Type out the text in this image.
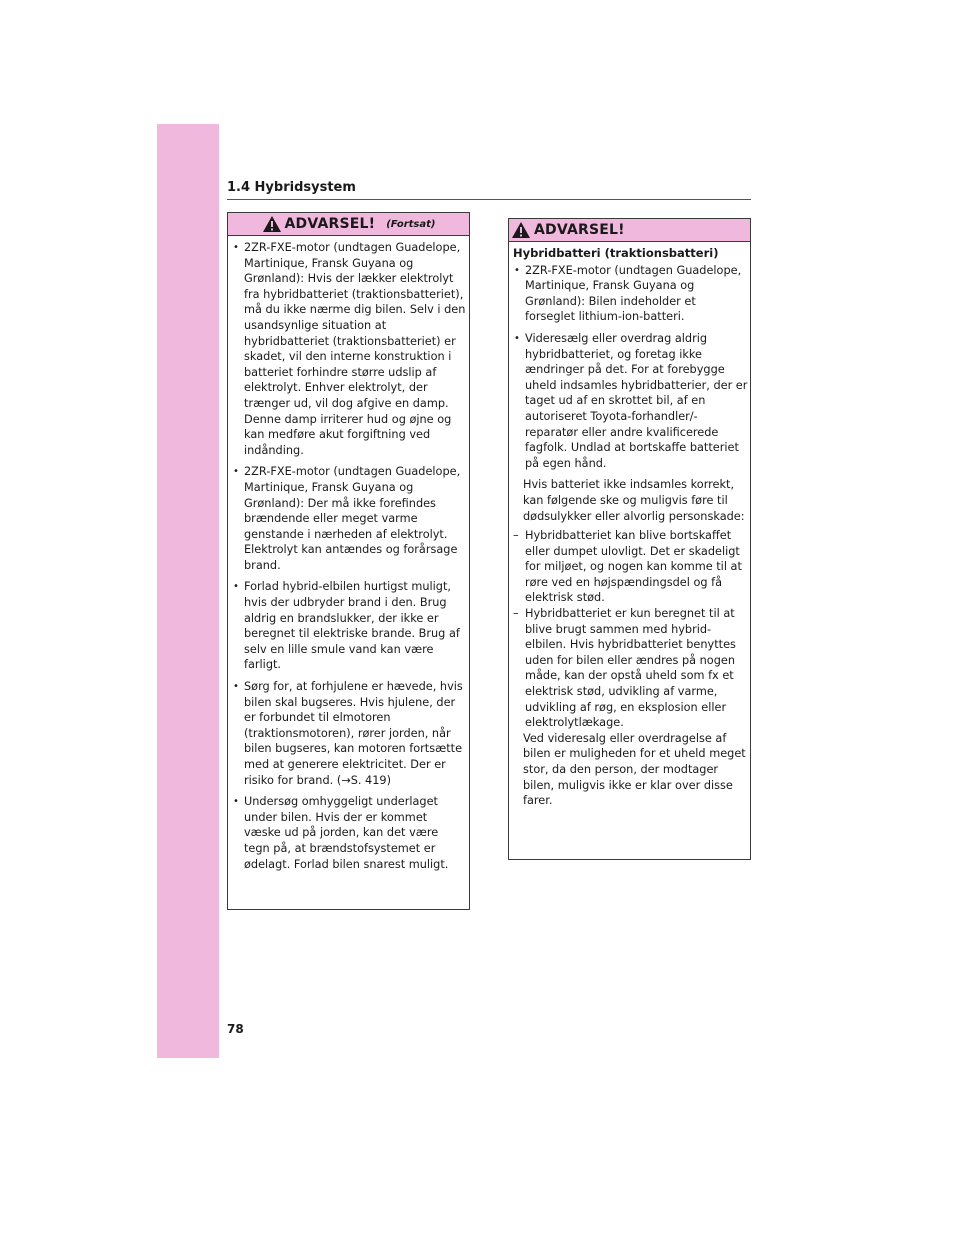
1.4 Hybridsystem
ADVARSEL! (Fortsat)
• 2ZR-FXE-motor (undtagen Guadelope, Martinique, Fransk Guyana og Grønland): Hvis der lækker elektrolyt fra hybridbatteriet (traktionsbatteriet), må du ikke nærme dig bilen. Selv i den usandsynlige situation at hybridbatteriet (traktionsbatteriet) er skadet, vil den interne konstruktion i batteriet forhindre større udslip af elektrolyt. Enhver elektrolyt, der trænger ud, vil dog afgive en damp. Denne damp irriterer hud og øjne og kan medføre akut forgiftning ved indånding.
• 2ZR-FXE-motor (undtagen Guadelope, Martinique, Fransk Guyana og Grønland): Der må ikke forefindes brændende eller meget varme genstande i nærheden af elektrolyt. Elektrolyt kan antændes og forårsage brand.
• Forlad hybrid-elbilen hurtigst muligt, hvis der udbryder brand i den. Brug aldrig en brandslukker, der ikke er beregnet til elektriske brande. Brug af selv en lille smule vand kan være farligt.
• Sørg for, at forhjulene er hævede, hvis bilen skal bugseres. Hvis hjulene, der er forbundet til elmotoren (traktionsmotoren), rører jorden, når bilen bugseres, kan motoren fortsætte med at generere elektricitet. Der er risiko for brand. (→S. 419)
• Undersøg omhyggeligt underlaget under bilen. Hvis der er kommet væske ud på jorden, kan det være tegn på, at brændstofsystemet er ødelagt. Forlad bilen snarest muligt.
ADVARSEL!
Hybridbatteri (traktionsbatteri)
• 2ZR-FXE-motor (undtagen Guadelope, Martinique, Fransk Guyana og Grønland): Bilen indeholder et forseglet lithium-ion-batteri.
• Videresælg eller overdrag aldrig hybridbatteriet, og foretag ikke ændringer på det. For at forebygge uheld indsamles hybridbatterier, der er taget ud af en skrottet bil, af en autoriseret Toyota-forhandler/-reparatør eller andre kvalificerede fagfolk. Undlad at bortskaffe batteriet på egen hånd.

Hvis batteriet ikke indsamles korrekt, kan følgende ske og muligvis føre til dødsulykker eller alvorlig personskade:

– Hybridbatteriet kan blive bortskaffet eller dumpet ulovligt. Det er skadeligt for miljøet, og nogen kan komme til at røre ved en højspændingsdel og få elektrisk stød.
– Hybridbatteriet er kun beregnet til at blive brugt sammen med hybrid-elbilen. Hvis hybridbatteriet benyttes uden for bilen eller ændres på nogen måde, kan der opstå uheld som fx et elektrisk stød, udvikling af varme, udvikling af røg, en eksplosion eller elektrolytlækage.

Ved videresalg eller overdragelse af bilen er muligheden for et uheld meget stor, da den person, der modtager bilen, muligvis ikke er klar over disse farer.

78
